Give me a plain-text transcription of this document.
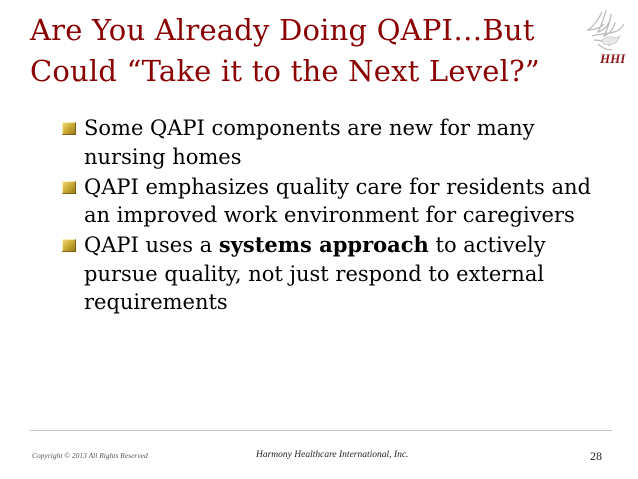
Are You Already Doing QAPI…But
Could “Take it to the Next Level?”	HHI
Some QAPI components are new for many nursing homes
QAPI emphasizes quality care for residents and an improved work environment for caregivers
QAPI uses a systems approach to actively pursue quality, not just respond to external requirements
Copyright © 2013 All Rights Reserved	Harmony Healthcare International, Inc.	28
